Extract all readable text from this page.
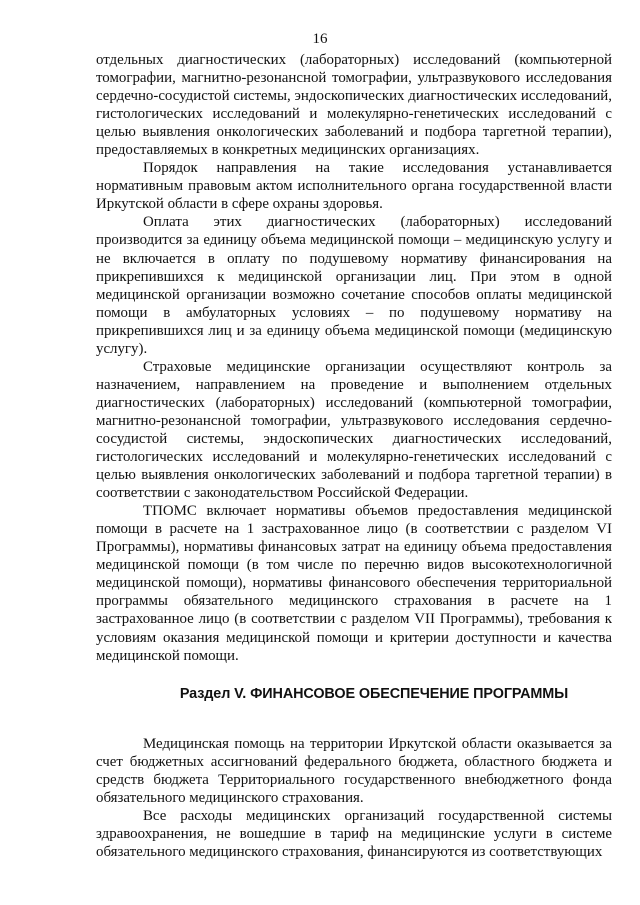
16

отдельных диагностических (лабораторных) исследований (компьютерной томографии, магнитно-резонансной томографии, ультразвукового исследования сердечно-сосудистой системы, эндоскопических диагностических исследований, гистологических исследований и молекулярно-генетических исследований с целью выявления онкологических заболеваний и подбора таргетной терапии), предоставляемых в конкретных медицинских организациях.

Порядок направления на такие исследования устанавливается нормативным правовым актом исполнительного органа государственной власти Иркутской области в сфере охраны здоровья.

Оплата этих диагностических (лабораторных) исследований производится за единицу объема медицинской помощи – медицинскую услугу и не включается в оплату по подушевому нормативу финансирования на прикрепившихся к медицинской организации лиц. При этом в одной медицинской организации возможно сочетание способов оплаты медицинской помощи в амбулаторных условиях – по подушевому нормативу на прикрепившихся лиц и за единицу объема медицинской помощи (медицинскую услугу).

Страховые медицинские организации осуществляют контроль за назначением, направлением на проведение и выполнением отдельных диагностических (лабораторных) исследований (компьютерной томографии, магнитно-резонансной томографии, ультразвукового исследования сердечно-сосудистой системы, эндоскопических диагностических исследований, гистологических исследований и молекулярно-генетических исследований с целью выявления онкологических заболеваний и подбора таргетной терапии) в соответствии с законодательством Российской Федерации.

ТПОМС включает нормативы объемов предоставления медицинской помощи в расчете на 1 застрахованное лицо (в соответствии с разделом VI Программы), нормативы финансовых затрат на единицу объема предоставления медицинской помощи (в том числе по перечню видов высокотехнологичной медицинской помощи), нормативы финансового обеспечения территориальной программы обязательного медицинского страхования в расчете на 1 застрахованное лицо (в соответствии с разделом VII Программы), требования к условиям оказания медицинской помощи и критерии доступности и качества медицинской помощи.

Раздел V. ФИНАНСОВОЕ ОБЕСПЕЧЕНИЕ ПРОГРАММЫ

Медицинская помощь на территории Иркутской области оказывается за счет бюджетных ассигнований федерального бюджета, областного бюджета и средств бюджета Территориального государственного внебюджетного фонда обязательного медицинского страхования.

Все расходы медицинских организаций государственной системы здравоохранения, не вошедшие в тариф на медицинские услуги в системе обязательного медицинского страхования, финансируются из соответствующих
